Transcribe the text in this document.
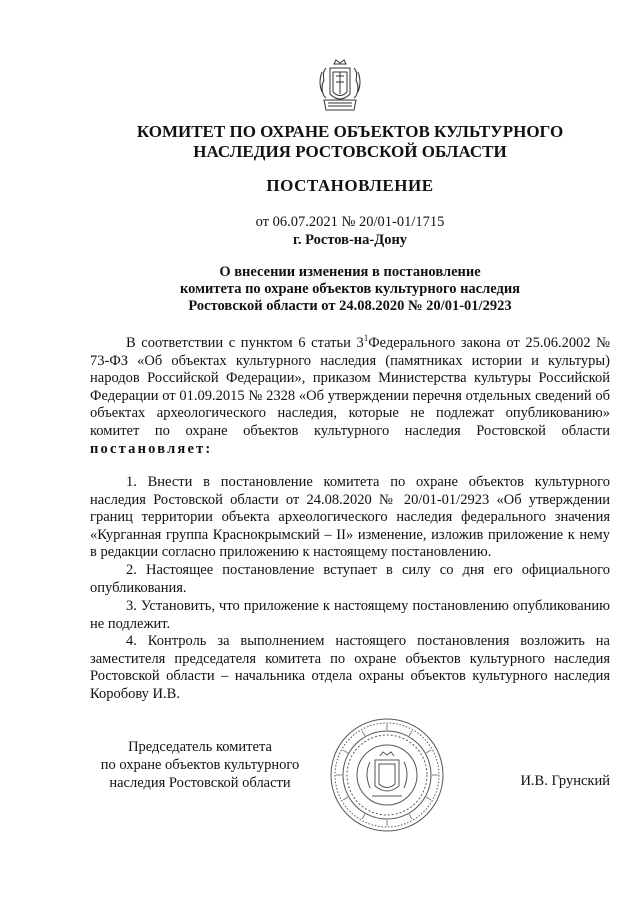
КОМИТЕТ ПО ОХРАНЕ ОБЪЕКТОВ КУЛЬТУРНОГО
НАСЛЕДИЯ РОСТОВСКОЙ ОБЛАСТИ
ПОСТАНОВЛЕНИЕ
от 06.07.2021 № 20/01-01/1715
г. Ростов-на-Дону
О внесении изменения в постановление
комитета по охране объектов культурного наследия
Ростовской области от 24.08.2020 № 20/01-01/2923
В соответствии с пунктом 6 статьи $3^1Федерального$ закона от 25.06.2002 № 73-ФЗ «Об объектах культурного наследия (памятниках истории и культуры) народов Российской Федерации», приказом Министерства культуры Российской Федерации от 01.09.2015 № 2328 «Об утверждении перечня отдельных сведений об объектах археологического наследия, которые не подлежат опубликованию» комитет по охране объектов культурного наследия Ростовской области постановляет:
1. Внести в постановление комитета по охране объектов культурного наследия Ростовской области от 24.08.2020 № 20/01-01/2923 «Об утверждении границ территории объекта археологического наследия федерального значения «Курганная группа Краснокрымский – II» изменение, изложив приложение к нему в редакции согласно приложению к настоящему постановлению.
2. Настоящее постановление вступает в силу со дня его официального опубликования.
3. Установить, что приложение к настоящему постановлению опубликованию не подлежит.
4. Контроль за выполнением настоящего постановления возложить на заместителя председателя комитета по охране объектов культурного наследия Ростовской области – начальника отдела охраны объектов культурного наследия Коробову И.В.
Председатель комитета
по охране объектов культурного
наследия Ростовской области	И.В. Грунский
